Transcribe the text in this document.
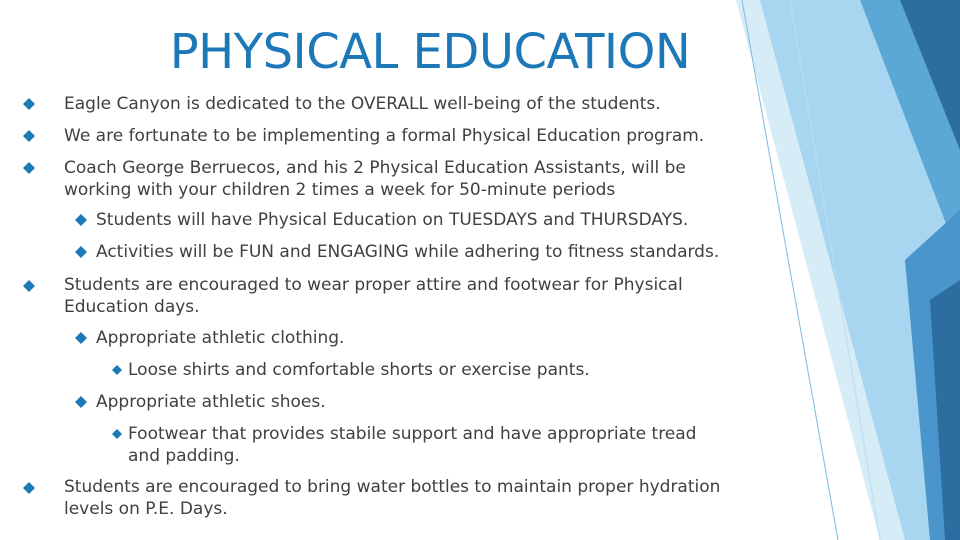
PHYSICAL EDUCATION
Eagle Canyon is dedicated to the OVERALL well-being of the students.
We are fortunate to be implementing a formal Physical Education program.
Coach George Berruecos, and his 2 Physical Education Assistants, will be
working with your children 2 times a week for 50-minute periods
Students will have Physical Education on TUESDAYS and THURSDAYS.
Activities will be FUN and ENGAGING while adhering to fitness standards.
Students are encouraged to wear proper attire and footwear for Physical
Education days.
Appropriate athletic clothing.
Loose shirts and comfortable shorts or exercise pants.
Appropriate athletic shoes.
Footwear that provides stabile support and have appropriate tread
and padding.
Students are encouraged to bring water bottles to maintain proper hydration
levels on P.E. Days.
